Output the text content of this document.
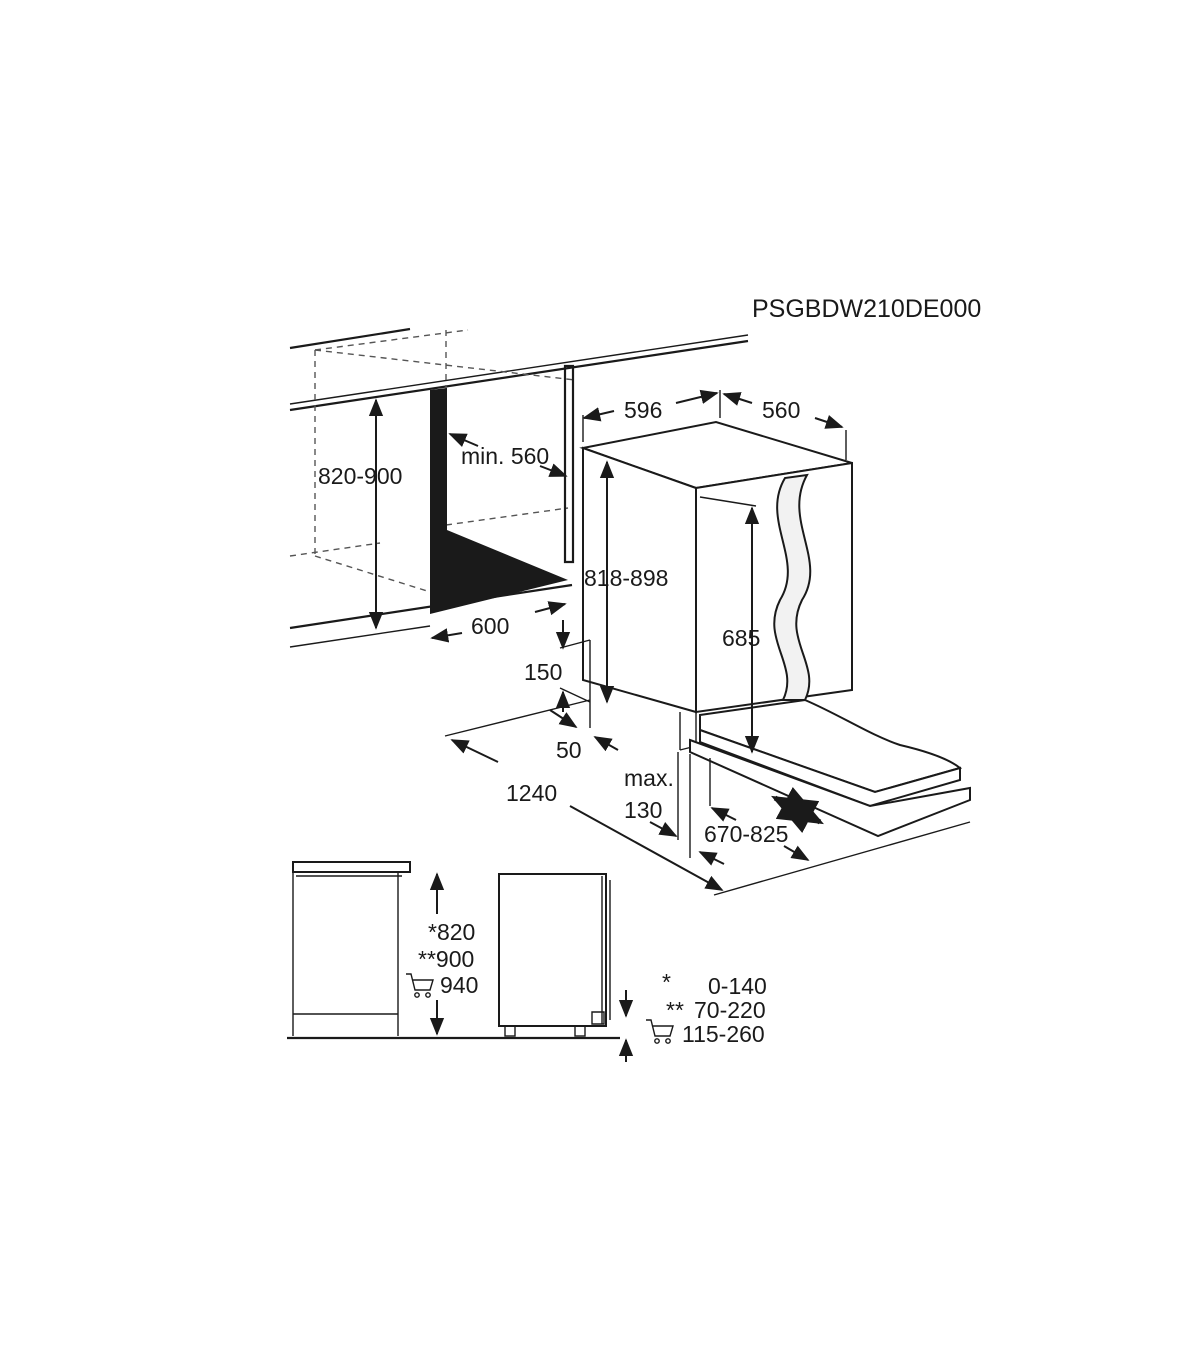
PSGBDW210DE000
820-900
min. 560
600
596	560
818-898
685
150
50
1240
max.
130
670-825
*820
**900
940	* 0-140
** 70-220
115-260
